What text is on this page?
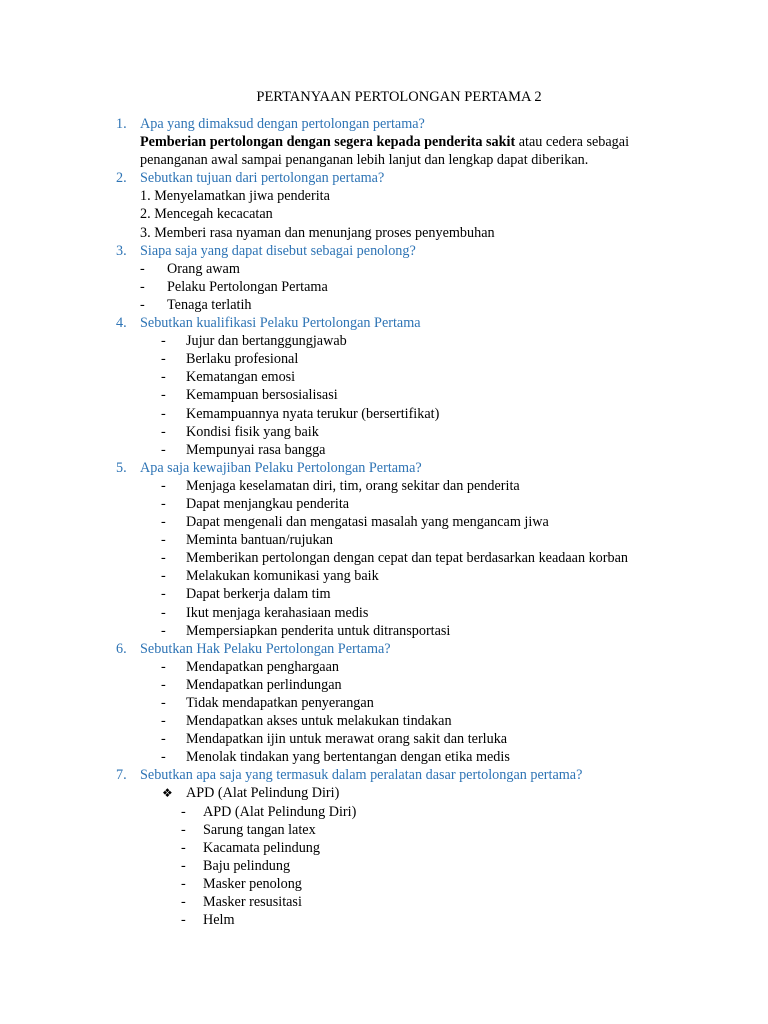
PERTANYAAN PERTOLONGAN PERTAMA 2
1. Apa yang dimaksud dengan pertolongan pertama?
Pemberian pertolongan dengan segera kepada penderita sakit atau cedera sebagai penanganan awal sampai penanganan lebih lanjut dan lengkap dapat diberikan.
2. Sebutkan tujuan dari pertolongan pertama?
1. Menyelamatkan jiwa penderita
2. Mencegah kecacatan
3. Memberi rasa nyaman dan menunjang proses penyembuhan
3. Siapa saja yang dapat disebut sebagai penolong?
- Orang awam
- Pelaku Pertolongan Pertama
- Tenaga terlatih
4. Sebutkan kualifikasi Pelaku Pertolongan Pertama
- Jujur dan bertanggungjawab
- Berlaku profesional
- Kematangan emosi
- Kemampuan bersosialisasi
- Kemampuannya nyata terukur (bersertifikat)
- Kondisi fisik yang baik
- Mempunyai rasa bangga
5. Apa saja kewajiban Pelaku Pertolongan Pertama?
- Menjaga keselamatan diri, tim, orang sekitar dan penderita
- Dapat menjangkau penderita
- Dapat mengenali dan mengatasi masalah yang mengancam jiwa
- Meminta bantuan/rujukan
- Memberikan pertolongan dengan cepat dan tepat berdasarkan keadaan korban
- Melakukan komunikasi yang baik
- Dapat berkerja dalam tim
- Ikut menjaga kerahasiaan medis
- Mempersiapkan penderita untuk ditransportasi
6. Sebutkan Hak Pelaku Pertolongan Pertama?
- Mendapatkan penghargaan
- Mendapatkan perlindungan
- Tidak mendapatkan penyerangan
- Mendapatkan akses untuk melakukan tindakan
- Mendapatkan ijin untuk merawat orang sakit dan terluka
- Menolak tindakan yang bertentangan dengan etika medis
7. Sebutkan apa saja yang termasuk dalam peralatan dasar pertolongan pertama?
❖ APD (Alat Pelindung Diri)
- APD (Alat Pelindung Diri)
- Sarung tangan latex
- Kacamata pelindung
- Baju pelindung
- Masker penolong
- Masker resusitasi
- Helm
